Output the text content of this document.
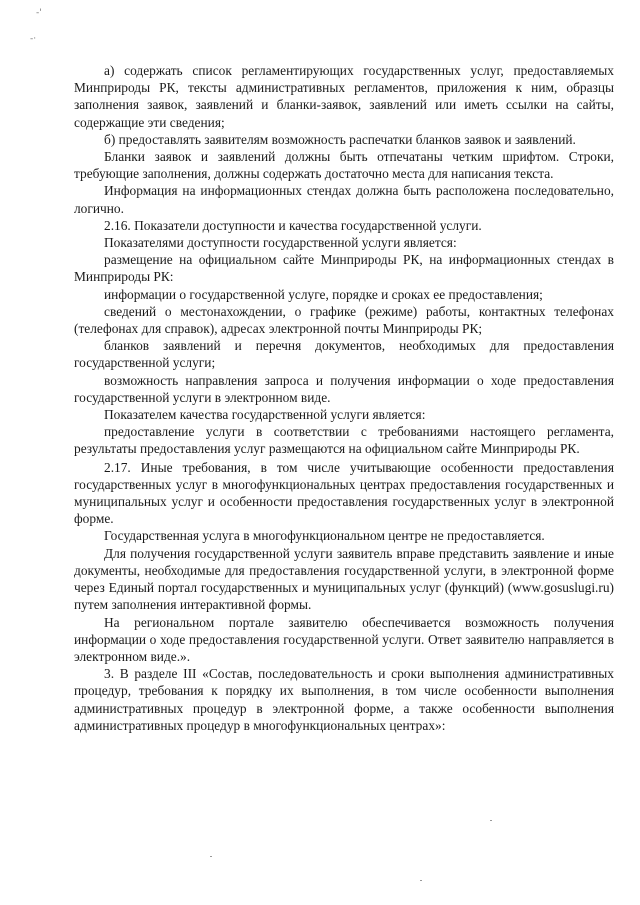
-'
-·

а) содержать список регламентирующих государственных услуг, предоставляемых Минприроды РК, тексты административных регламентов, приложения к ним, образцы заполнения заявок, заявлений и бланки-заявок, заявлений или иметь ссылки на сайты, содержащие эти сведения;

б) предоставлять заявителям возможность распечатки бланков заявок и заявлений.

Бланки заявок и заявлений должны быть отпечатаны четким шрифтом. Строки, требующие заполнения, должны содержать достаточно места для написания текста.

Информация на информационных стендах должна быть расположена последовательно, логично.

2.16. Показатели доступности и качества государственной услуги.

Показателями доступности государственной услуги является:

размещение на официальном сайте Минприроды РК, на информационных стендах в Минприроды РК:

информации о государственной услуге, порядке и сроках ее предоставления;

сведений о местонахождении, о графике (режиме) работы, контактных телефонах (телефонах для справок), адресах электронной почты Минприроды РК;

бланков заявлений и перечня документов, необходимых для предоставления государственной услуги;

возможность направления запроса и получения информации о ходе предоставления государственной услуги в электронном виде.

Показателем качества государственной услуги является:

предоставление услуги в соответствии с требованиями настоящего регламента, результаты предоставления услуг размещаются на официальном сайте Минприроды РК.

2.17. Иные требования, в том числе учитывающие особенности предоставления государственных услуг в многофункциональных центрах предоставления государственных и муниципальных услуг и особенности предоставления государственных услуг в электронной форме.

Государственная услуга в многофункциональном центре не предоставляется.

Для получения государственной услуги заявитель вправе представить заявление и иные документы, необходимые для предоставления государственной услуги, в электронной форме через Единый портал государственных и муниципальных услуг (функций) (www.gosuslugi.ru) путем заполнения интерактивной формы.

На региональном портале заявителю обеспечивается возможность получения информации о ходе предоставления государственной услуги. Ответ заявителю направляется в электронном виде.».

3. В разделе III «Состав, последовательность и сроки выполнения административных процедур, требования к порядку их выполнения, в том числе особенности выполнения административных процедур в электронной форме, а также особенности выполнения административных процедур в многофункциональных центрах»:
